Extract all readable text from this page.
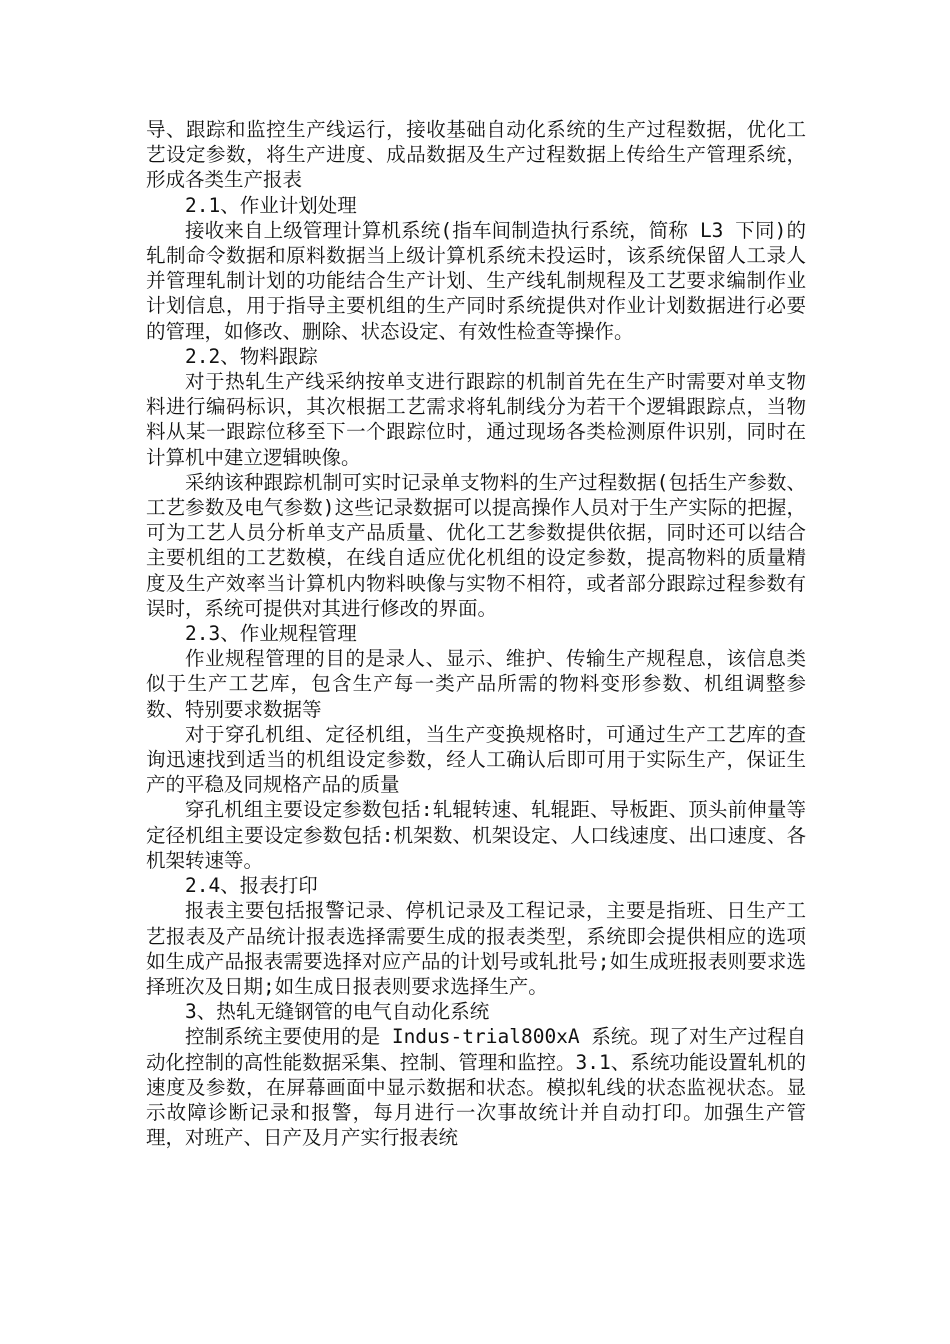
导、跟踪和监控生产线运行，接收基础自动化系统的生产过程数据，优化工艺设定参数，将生产进度、成品数据及生产过程数据上传给生产管理系统，形成各类生产报表

2.1、作业计划处理

接收来自上级管理计算机系统(指车间制造执行系统，简称 L3 下同)的轧制命令数据和原料数据当上级计算机系统未投运时，该系统保留人工录人并管理轧制计划的功能结合生产计划、生产线轧制规程及工艺要求编制作业计划信息，用于指导主要机组的生产同时系统提供对作业计划数据进行必要的管理，如修改、删除、状态设定、有效性检查等操作。

2.2、物料跟踪

对于热轧生产线采纳按单支进行跟踪的机制首先在生产时需要对单支物料进行编码标识，其次根据工艺需求将轧制线分为若干个逻辑跟踪点，当物料从某一跟踪位移至下一个跟踪位时，通过现场各类检测原件识别，同时在计算机中建立逻辑映像。

采纳该种跟踪机制可实时记录单支物料的生产过程数据(包括生产参数、工艺参数及电气参数)这些记录数据可以提高操作人员对于生产实际的把握，可为工艺人员分析单支产品质量、优化工艺参数提供依据，同时还可以结合主要机组的工艺数模，在线自适应优化机组的设定参数，提高物料的质量精度及生产效率当计算机内物料映像与实物不相符，或者部分跟踪过程参数有误时，系统可提供对其进行修改的界面。

2.3、作业规程管理

作业规程管理的目的是录人、显示、维护、传输生产规程息，该信息类似于生产工艺库，包含生产每一类产品所需的物料变形参数、机组调整参数、特别要求数据等

对于穿孔机组、定径机组，当生产变换规格时，可通过生产工艺库的查询迅速找到适当的机组设定参数，经人工确认后即可用于实际生产，保证生产的平稳及同规格产品的质量

穿孔机组主要设定参数包括:轧辊转速、轧辊距、导板距、顶头前伸量等定径机组主要设定参数包括:机架数、机架设定、人口线速度、出口速度、各机架转速等。

2.4、报表打印

报表主要包括报警记录、停机记录及工程记录，主要是指班、日生产工艺报表及产品统计报表选择需要生成的报表类型，系统即会提供相应的选项如生成产品报表需要选择对应产品的计划号或轧批号;如生成班报表则要求选择班次及日期;如生成日报表则要求选择生产。

3、热轧无缝钢管的电气自动化系统

控制系统主要使用的是 Indus-trial800xA 系统。现了对生产过程自动化控制的高性能数据采集、控制、管理和监控。3.1、系统功能设置轧机的速度及参数，在屏幕画面中显示数据和状态。模拟轧线的状态监视状态。显示故障诊断记录和报警，每月进行一次事故统计并自动打印。加强生产管理，对班产、日产及月产实行报表统
